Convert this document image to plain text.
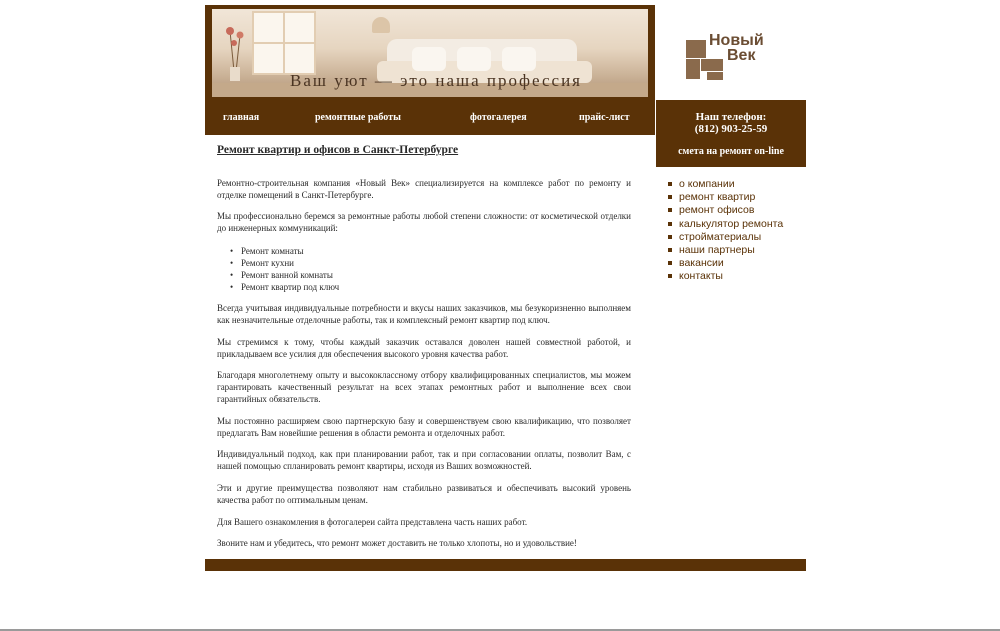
Ваш уют — это наша профессия
Новый
Век
главная	ремонтные работы	фотогалерея	прайс-лист	Наш телефон:
(812) 903-25-59
смета на ремонт on-line
Ремонт квартир и офисов в Санкт-Петербурге

Ремонтно-строительная компания «Новый Век» специализируется на комплексе работ по ремонту и отделке помещений в Санкт-Петербурге.

Мы профессионально беремся за ремонтные работы любой степени сложности: от косметической отделки до инженерных коммуникаций:

• Ремонт комнаты
• Ремонт кухни
• Ремонт ванной комнаты
• Ремонт квартир под ключ

Всегда учитывая индивидуальные потребности и вкусы наших заказчиков, мы безукоризненно выполняем как незначительные отделочные работы, так и комплексный ремонт квартир под ключ.

Мы стремимся к тому, чтобы каждый заказчик оставался доволен нашей совместной работой, и прикладываем все усилия для обеспечения высокого уровня качества работ.

Благодаря многолетнему опыту и высококлассному отбору квалифицированных специалистов, мы можем гарантировать качественный результат на всех этапах ремонтных работ и выполнение всех свои гарантийных обязательств.

Мы постоянно расширяем свою партнерскую базу и совершенствуем свою квалификацию, что позволяет предлагать Вам новейшие решения в области ремонта и отделочных работ.

Индивидуальный подход, как при планировании работ, так и при согласовании оплаты, позволит Вам, с нашей помощью спланировать ремонт квартиры, исходя из Ваших возможностей.

Эти и другие преимущества позволяют нам стабильно развиваться и обеспечивать высокий уровень качества работ по оптимальным ценам.

Для Вашего ознакомления в фотогалереи сайта представлена часть наших работ.

Звоните нам и убедитесь, что ремонт может доставить не только хлопоты, но и удовольствие!

о компании
ремонт квартир
ремонт офисов
калькулятор ремонта
стройматериалы
наши партнеры
вакансии
контакты
